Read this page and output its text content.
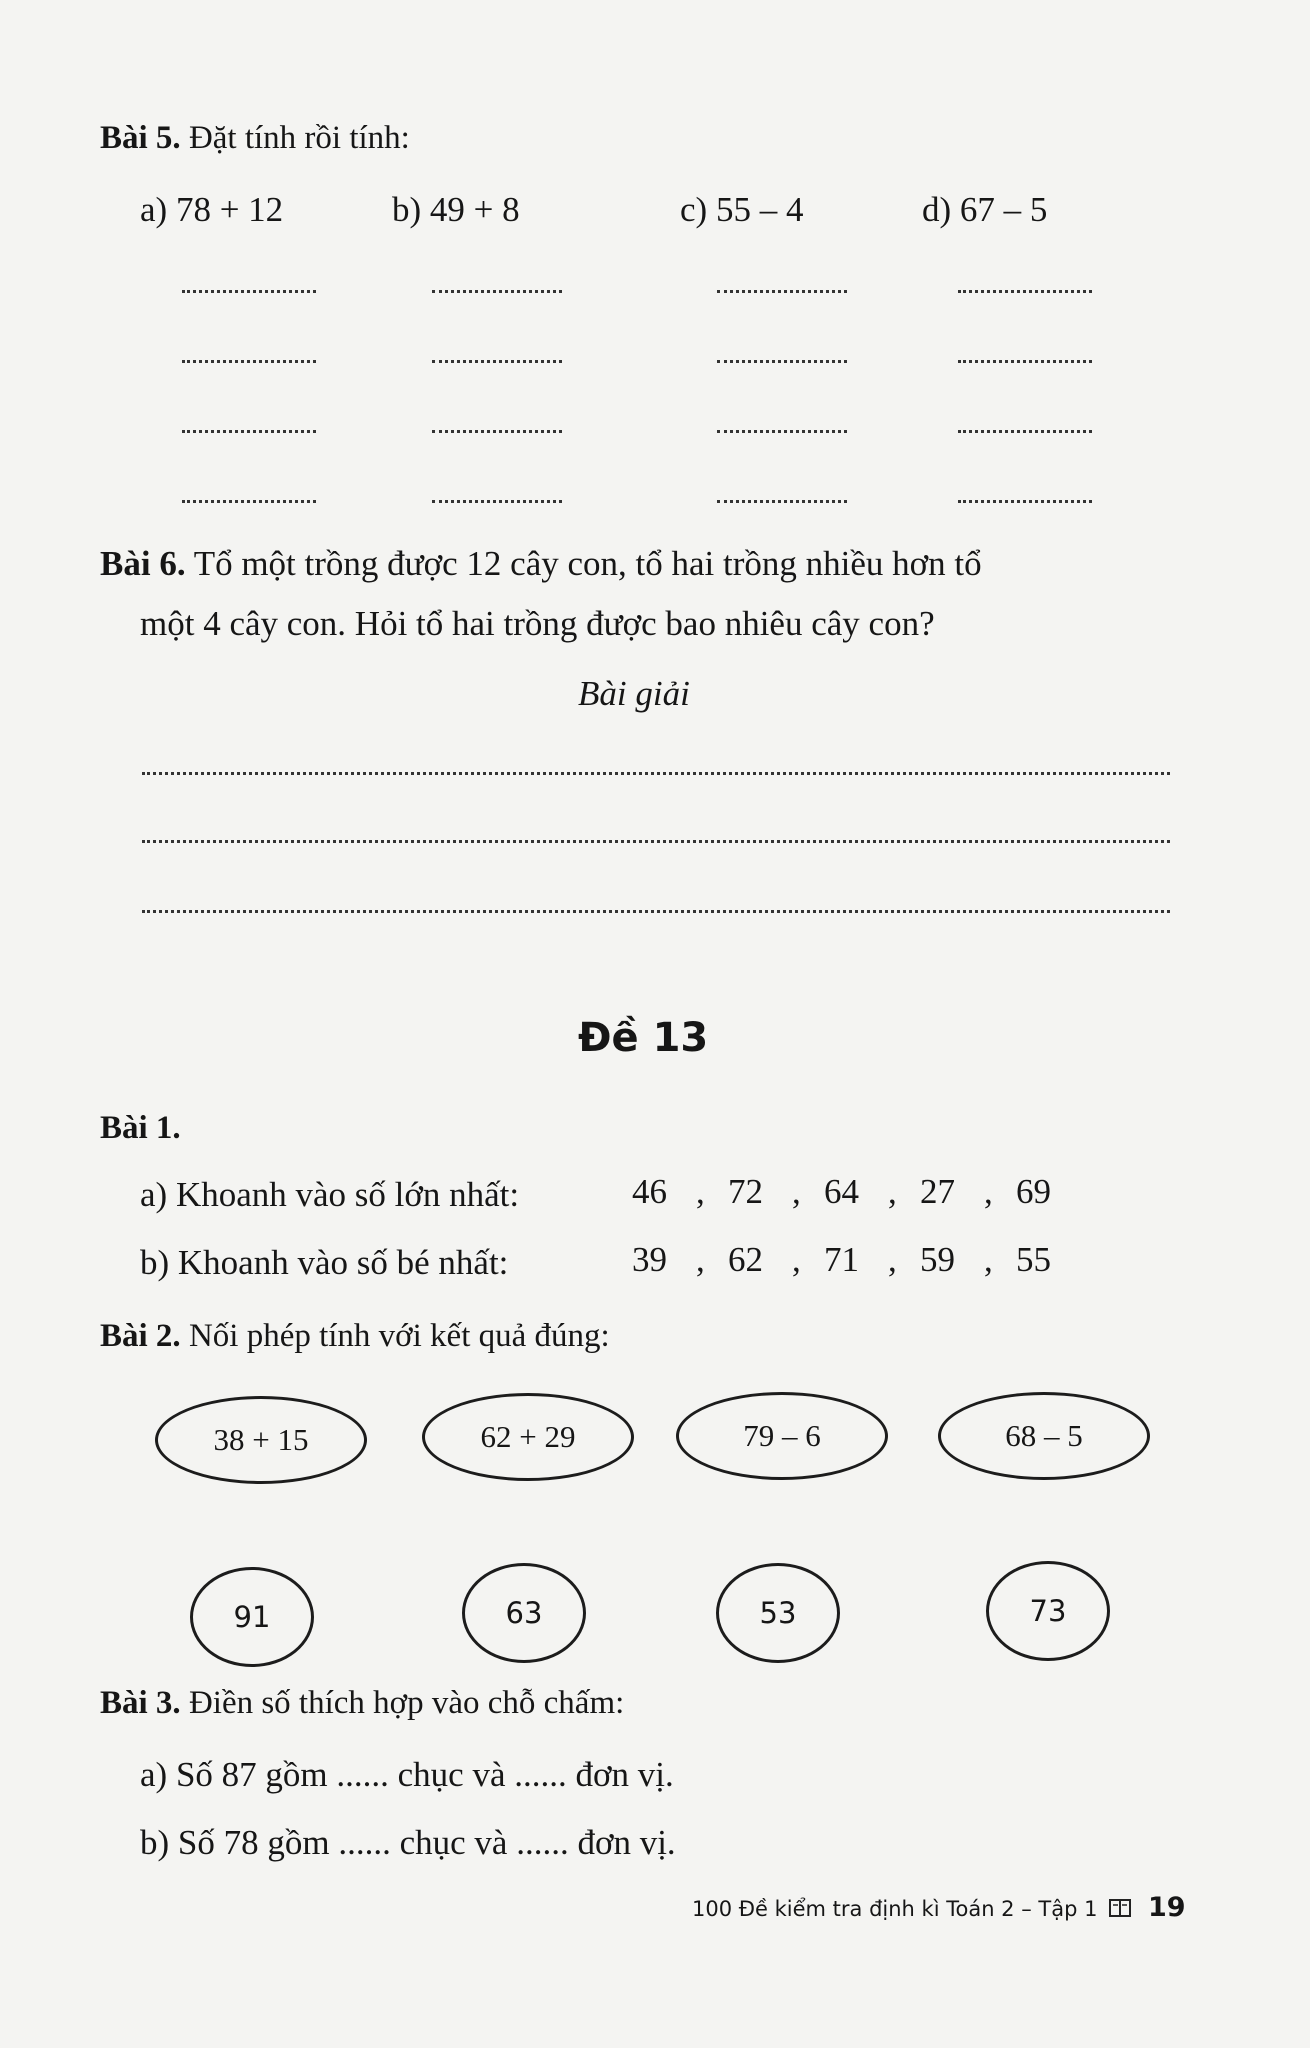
Bài 5. Đặt tính rồi tính:
a) 78 + 12	b) 49 + 8	c) 55 – 4	d) 67 – 5
Bài 6. Tổ một trồng được 12 cây con, tổ hai trồng nhiều hơn tổ
một 4 cây con. Hỏi tổ hai trồng được bao nhiêu cây con?
Bài giải
Đề 13
Bài 1.
a) Khoanh vào số lớn nhất:	46 , 72 , 64 , 27 , 69
b) Khoanh vào số bé nhất:	39 , 62 , 71 , 59 , 55
Bài 2. Nối phép tính với kết quả đúng:
38 + 15	62 + 29	79 – 6	68 – 5
91	63	53	73
Bài 3. Điền số thích hợp vào chỗ chấm:
a) Số 87 gồm ...... chục và ...... đơn vị.
b) Số 78 gồm ...... chục và ...... đơn vị.
100 Đề kiểm tra định kì Toán 2 – Tập 1 19
